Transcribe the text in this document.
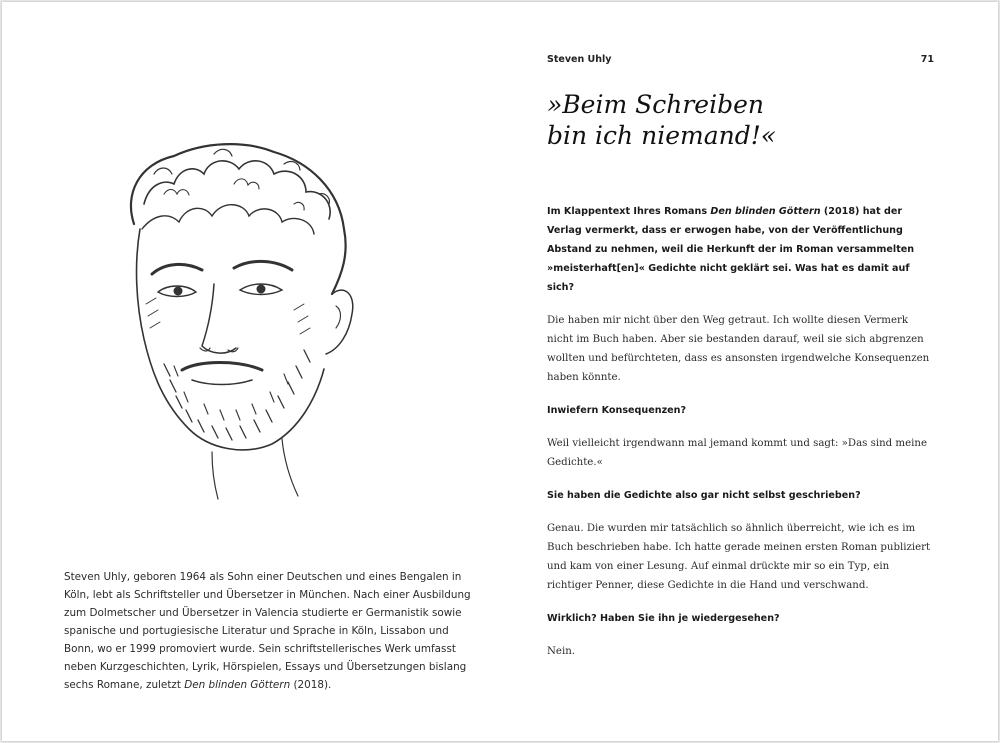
Steven Uhly, geboren 1964 als Sohn einer Deutschen und eines Bengalen in Köln, lebt als Schriftsteller und Übersetzer in München. Nach einer Ausbildung zum Dolmetscher und Übersetzer in Valencia studierte er Germanistik sowie spanische und portugiesische Literatur und Sprache in Köln, Lissabon und Bonn, wo er 1999 promoviert wurde. Sein schriftstellerisches Werk umfasst neben Kurzgeschichten, Lyrik, Hörspielen, Essays und Übersetzungen bislang sechs Romane, zuletzt Den blinden Göttern (2018).

Steven Uhly	71
»Beim Schreiben
bin ich niemand!«

Im Klappentext Ihres Romans Den blinden Göttern (2018) hat der Verlag vermerkt, dass er erwogen habe, von der Veröffentlichung Abstand zu nehmen, weil die Herkunft der im Roman versammelten »meisterhaft[en]« Gedichte nicht geklärt sei. Was hat es damit auf sich?

Die haben mir nicht über den Weg getraut. Ich wollte diesen Vermerk nicht im Buch haben. Aber sie bestanden darauf, weil sie sich abgrenzen wollten und befürchteten, dass es ansonsten irgendwelche Konsequenzen haben könnte.

Inwiefern Konsequenzen?

Weil vielleicht irgendwann mal jemand kommt und sagt: »Das sind meine Gedichte.«

Sie haben die Gedichte also gar nicht selbst geschrieben?

Genau. Die wurden mir tatsächlich so ähnlich überreicht, wie ich es im Buch beschrieben habe. Ich hatte gerade meinen ersten Roman publiziert und kam von einer Lesung. Auf einmal drückte mir so ein Typ, ein richtiger Penner, diese Gedichte in die Hand und verschwand.

Wirklich? Haben Sie ihn je wiedergesehen?

Nein.
